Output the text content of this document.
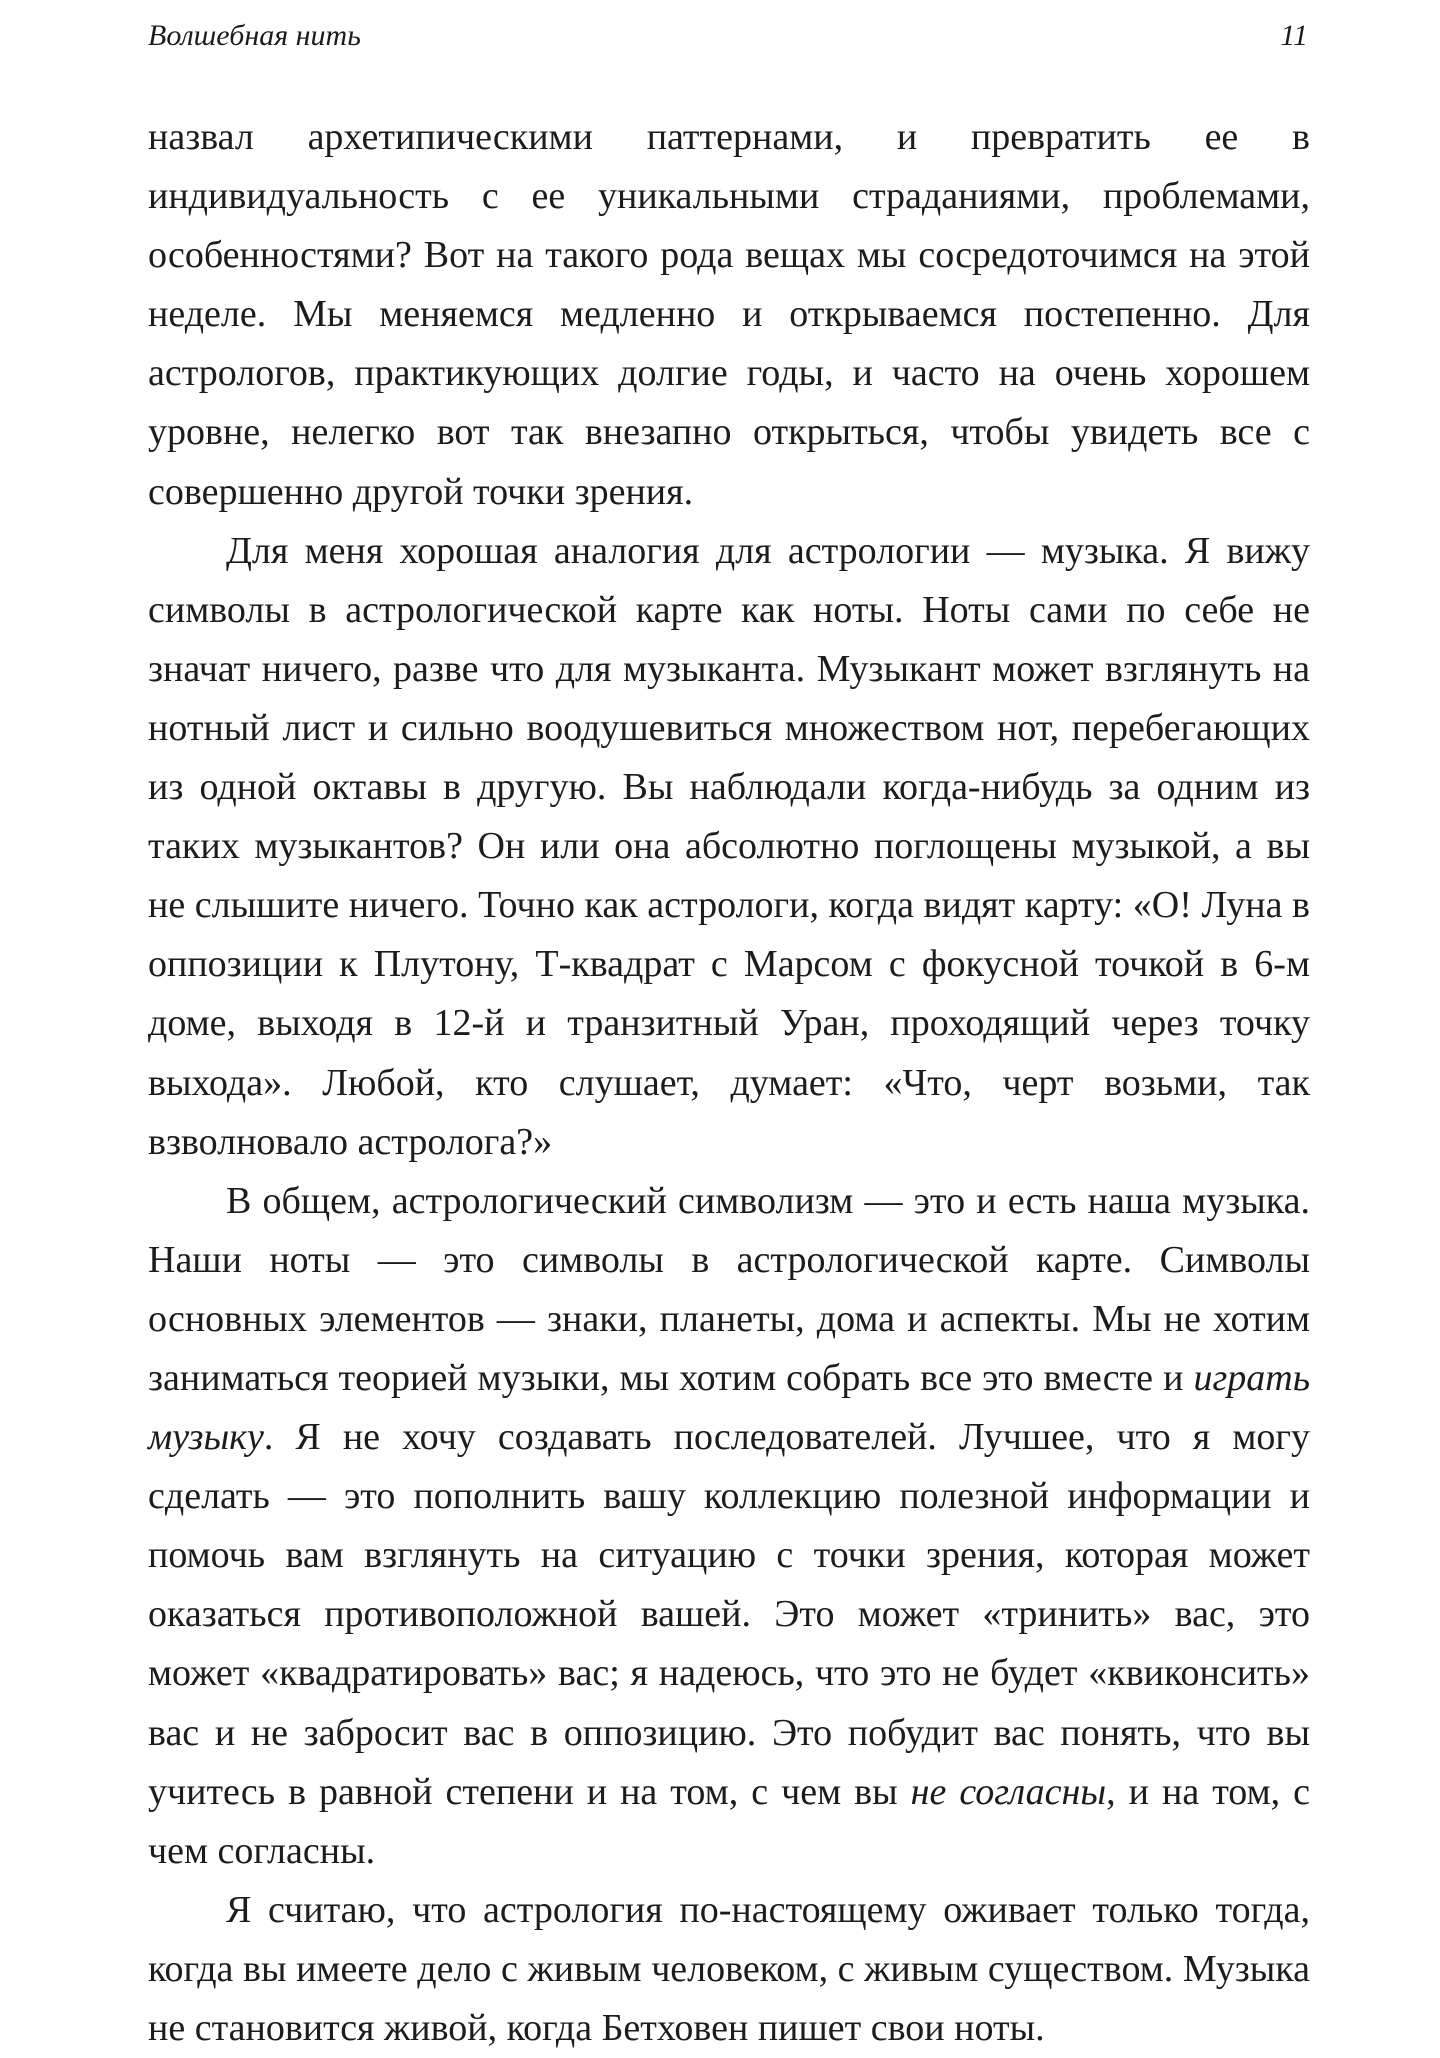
Волшебная нить	11

назвал архетипическими паттернами, и превратить ее в индивидуальность с ее уникальными страданиями, проблемами, особенностями? Вот на такого рода вещах мы сосредоточимся на этой неделе. Мы меняемся медленно и открываемся постепенно. Для астрологов, практикующих долгие годы, и часто на очень хорошем уровне, нелегко вот так внезапно открыться, чтобы увидеть все с совершенно другой точки зрения.

Для меня хорошая аналогия для астрологии — музыка. Я вижу символы в астрологической карте как ноты. Ноты сами по себе не значат ничего, разве что для музыканта. Музыкант может взглянуть на нотный лист и сильно воодушевиться множеством нот, перебегающих из одной октавы в другую. Вы наблюдали когда-нибудь за одним из таких музыкантов? Он или она абсолютно поглощены музыкой, а вы не слышите ничего. Точно как астрологи, когда видят карту: «О! Луна в оппозиции к Плутону, Т-квадрат с Марсом с фокусной точкой в 6-м доме, выходя в 12-й и транзитный Уран, проходящий через точку выхода». Любой, кто слушает, думает: «Что, черт возьми, так взволновало астролога?»

В общем, астрологический символизм — это и есть наша музыка. Наши ноты — это символы в астрологической карте. Символы основных элементов — знаки, планеты, дома и аспекты. Мы не хотим заниматься теорией музыки, мы хотим собрать все это вместе и играть музыку. Я не хочу создавать последователей. Лучшее, что я могу сделать — это пополнить вашу коллекцию полезной информации и помочь вам взглянуть на ситуацию с точки зрения, которая может оказаться противоположной вашей. Это может «тринить» вас, это может «квадратировать» вас; я надеюсь, что это не будет «квиконсить» вас и не забросит вас в оппозицию. Это побудит вас понять, что вы учитесь в равной степени и на том, с чем вы не согласны, и на том, с чем согласны.

Я считаю, что астрология по-настоящему оживает только тогда, когда вы имеете дело с живым человеком, с живым существом. Музыка не становится живой, когда Бетховен пишет свои ноты.
